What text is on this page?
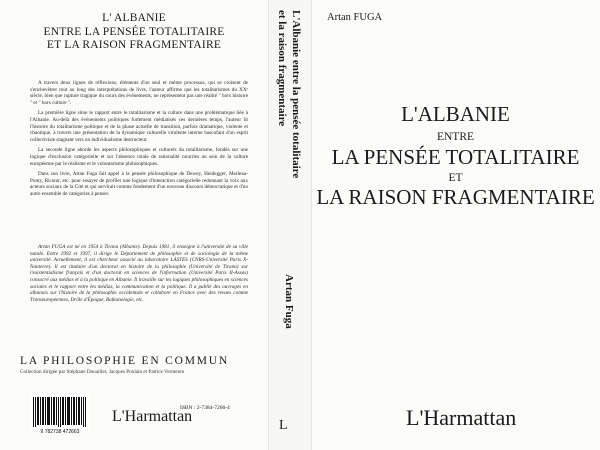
L' ALBANIE
ENTRE LA PENSÉE TOTALITAIRE
ET LA RAISON FRAGMENTAIRE

A travers deux lignes de réflexions, éléments d'un seul et même processus, qui se croisent de s'enchevêtrer tout au long des interprétations de livre, l'auteur affirme que les totalitarismes du XXᵉ siècle, bien que rupture tragique du cours des événements, ne représentent pas une réalité " hors histoire " et " hors culture ".

La première ligne situe le rapport entre le totalitarisme et la culture dans une problématique liée à l'Albanie. Au-delà des événements politiques fortement médiatisés ces dernières temps, l'auteur lit l'histoire du totalitarisme politique et de la phase actuelle de transition, parfois dramatique, violente et chaotique, à travers une présentation de la dynamique culturelle virulente interne bascufant d'un esprit collectiviste stagnant vers un individualisme destructeur.

La seconde ligne aborde les aspects philosophiques et culturels du totalitarisme, fondés sur une logique d'exclusion catégorielle et sur l'absence totale de rationalité nourries au sein de la culture européenne par le réalisme et le volontarisme philosophiques.

Dans son livre, Artan Fuga fait appel à la pensée philosophique de Dewey, Heidegger, Merleau-Ponty, Ricœur, etc. pour essayer de profiler une logique d'interaction catégorielle redonnant la voix aux acteurs sociaux de la Cité et qui servirait comme fondement d'un nouveau discours démocratique et d'un autre ensemble de catégories à penser.

Artan FUGA est né en 1954 à Tirana (Albanie). Depuis 1981, il enseigne à l'université de sa ville natale. Entre 1992 et 1997, il dirige le Département de philosophie et de sociologie de la même université. Actuellement, il est chercheur associé au laboratoire LASTES (CNRS-Université Paris X-Nanterre). Il est titulaire d'un doctorat en histoire de la philosophie (Université de Tirana) sur l'existentialisme français et d'un doctorat en sciences de l'information (Université Paris II-Assas) consacré aux médias et à la politique en Albanie. Il travaille sur les logiques philosophiques en sciences sociales et le rapport entre les médias, la communication et la politique. Il a publié des ouvrages en albanais sur l'histoire de la philosophie occidentale et collabore en France avec des revues comme Transeuropéennes, Drôle d'Époque, Balkanologie, etc.

LA PHILOSOPHIE EN COMMUN
Collection dirigée par Stéphane Douailler, Jacques Poulain et Patrice Vermeren
9 782738 472663
L'Harmattan
ISBN : 2-7384-7266-4
L'Albanie entre la pensée totalitaire
et la raison fragmentaire
Artan Fuga
L
Artan FUGA
L'ALBANIE
ENTRE
LA PENSÉE TOTALITAIRE
ET
LA RAISON FRAGMENTAIRE
L'Harmattan
